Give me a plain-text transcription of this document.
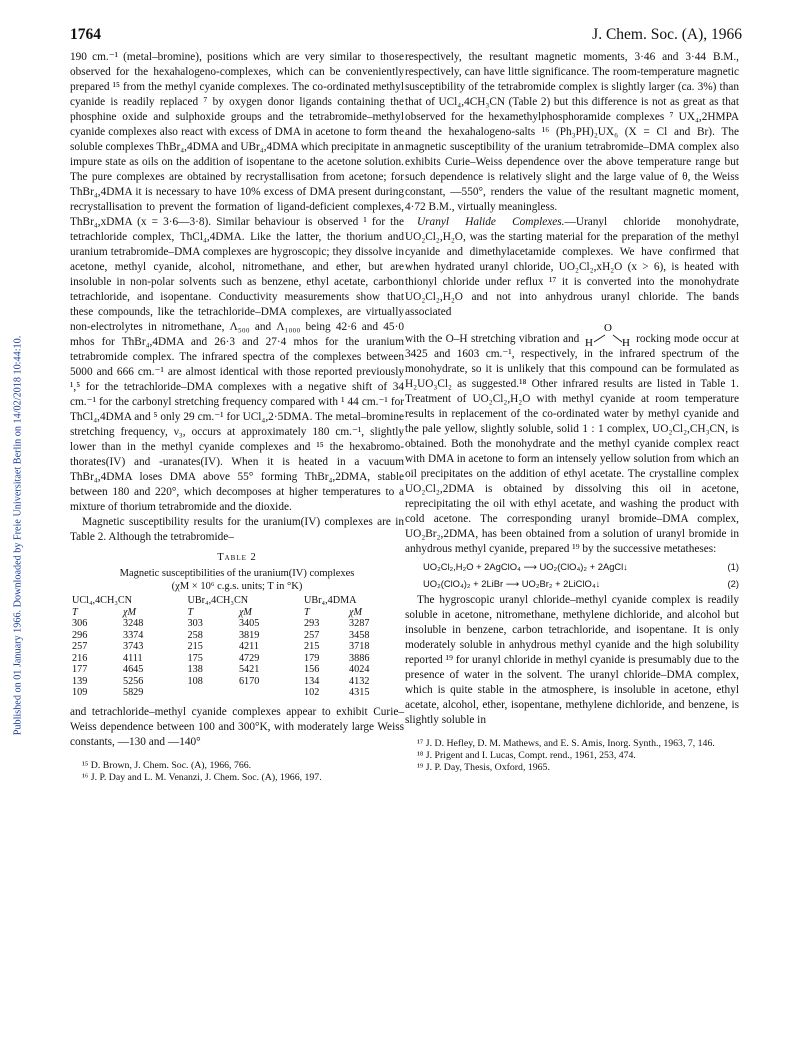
1764	J. Chem. Soc. (A), 1966
Published on 01 January 1966. Downloaded by Freie Universitaet Berlin on 14/02/2018 10:44:10.

190 cm.⁻¹ (metal–bromine), positions which are very similar to those observed for the hexahalogeno-complexes, which can be conveniently prepared ¹⁵ from the methyl cyanide complexes. The co-ordinated methyl cyanide is readily replaced ⁷ by oxygen donor ligands containing the phosphine oxide and sulphoxide groups and the tetrabromide–methyl cyanide complexes also react with excess of DMA in acetone to form the soluble complexes ThBr₄,4DMA and UBr₄,4DMA which precipitate in an impure state as oils on the addition of isopentane to the acetone solution. The pure complexes are obtained by recrystallisation from acetone; for ThBr₄,4DMA it is necessary to have 10% excess of DMA present during recrystallisation to prevent the formation of ligand-deficient complexes, ThBr₄,xDMA (x = 3·6—3·8). Similar behaviour is observed ¹ for the tetrachloride complex, ThCl₄,4DMA. Like the latter, the thorium and uranium tetrabromide–DMA complexes are hygroscopic; they dissolve in acetone, methyl cyanide, alcohol, nitromethane, and ether, but are insoluble in non-polar solvents such as benzene, ethyl acetate, carbon tetrachloride, and isopentane. Conductivity measurements show that these compounds, like the tetrachloride–DMA complexes, are virtually non-electrolytes in nitromethane, Λ₅₀₀ and Λ₁₀₀₀ being 42·6 and 45·0 mhos for ThBr₄,4DMA and 26·3 and 27·4 mhos for the uranium tetrabromide complex. The infrared spectra of the complexes between 5000 and 666 cm.⁻¹ are almost identical with those reported previously ¹,⁵ for the tetrachloride–DMA complexes with a negative shift of 34 cm.⁻¹ for the carbonyl stretching frequency compared with ¹ 44 cm.⁻¹ for ThCl₄,4DMA and ⁵ only 29 cm.⁻¹ for UCl₄,2·5DMA. The metal–bromine stretching frequency, ν₃, occurs at approximately 180 cm.⁻¹, slightly lower than in the methyl cyanide complexes and ¹⁵ the hexabromo-thorates(IV) and -uranates(IV). When it is heated in a vacuum ThBr₄,4DMA loses DMA above 55° forming ThBr₄,2DMA, stable between 180 and 220°, which decomposes at higher temperatures to a mixture of thorium tetrabromide and the dioxide.

Magnetic susceptibility results for the uranium(IV) complexes are in Table 2. Although the tetrabromide–

Table 2
Magnetic susceptibilities of the uranium(IV) complexes
(χM × 10⁶ c.g.s. units; T in °K)
UCl₄,4CH₃CN		UBr₄,4CH₃CN		UBr₄,4DMA	
T	χM	T	χM	T	χM
306	3248	303	3405	293	3287
296	3374	258	3819	257	3458
257	3743	215	4211	215	3718
216	4111	175	4729	179	3886
177	4645	138	5421	156	4024
139	5256	108	6170	134	4132
109	5829			102	4315

and tetrachloride–methyl cyanide complexes appear to exhibit Curie–Weiss dependence between 100 and 300°K, with moderately large Weiss constants, —130 and —140°

¹⁵ D. Brown, J. Chem. Soc. (A), 1966, 766.

¹⁶ J. P. Day and L. M. Venanzi, J. Chem. Soc. (A), 1966, 197.

respectively, the resultant magnetic moments, 3·46 and 3·44 B.M., respectively, can have little significance. The room-temperature magnetic susceptibility of the tetrabromide complex is slightly larger (ca. 3%) than that of UCl₄,4CH₃CN (Table 2) but this difference is not as great as that observed for the hexamethylphosphoramide complexes ⁷ UX₄,2HMPA and the hexahalogeno-salts ¹⁶ (Ph₃PH)₂UX₆ (X = Cl and Br). The magnetic susceptibility of the uranium tetrabromide–DMA complex also exhibits Curie–Weiss dependence over the above temperature range but such dependence is relatively slight and the large value of θ, the Weiss constant, —550°, renders the value of the resultant magnetic moment, 4·72 B.M., virtually meaningless.

Uranyl Halide Complexes.—Uranyl chloride monohydrate, UO₂Cl₂,H₂O, was the starting material for the preparation of the methyl cyanide and dimethylacetamide complexes. We have confirmed that when hydrated uranyl chloride, UO₂Cl₂,xH₂O (x > 6), is heated with thionyl chloride under reflux ¹⁷ it is converted into the monohydrate UO₂Cl₂,H₂O and not into anhydrous uranyl chloride. The bands associated

with the O–H stretching vibration and H
O
H rocking mode occur at 3425 and 1603 cm.⁻¹, respectively, in the infrared spectrum of the monohydrate, so it is unlikely that this compound can be formulated as H₂UO₃Cl₂ as suggested.¹⁸ Other infrared results are listed in Table 1. Treatment of UO₂Cl₂,H₂O with methyl cyanide at room temperature results in replacement of the co-ordinated water by methyl cyanide and the pale yellow, slightly soluble, solid 1 : 1 complex, UO₂Cl₂,CH₃CN, is obtained. Both the monohydrate and the methyl cyanide complex react with DMA in acetone to form an intensely yellow solution from which an oil precipitates on the addition of ethyl acetate. The crystalline complex UO₂Cl₂,2DMA is obtained by dissolving this oil in acetone, reprecipitating the oil with ethyl acetate, and washing the product with cold acetone. The corresponding uranyl bromide–DMA complex, UO₂Br₂,2DMA, has been obtained from a solution of uranyl bromide in anhydrous methyl cyanide, prepared ¹⁹ by the successive metatheses:

UO₂Cl₂,H₂O + 2AgClO₄ ⟶ UO₂(ClO₄)₂ + 2AgCl↓	(1)
UO₂(ClO₄)₂ + 2LiBr ⟶ UO₂Br₂ + 2LiClO₄↓	(2)

The hygroscopic uranyl chloride–methyl cyanide complex is readily soluble in acetone, nitromethane, methylene dichloride, and alcohol but insoluble in benzene, carbon tetrachloride, and isopentane. It is only moderately soluble in anhydrous methyl cyanide and the high solubility reported ¹⁹ for uranyl chloride in methyl cyanide is presumably due to the presence of water in the solvent. The uranyl chloride–DMA complex, which is quite stable in the atmosphere, is insoluble in acetone, ethyl acetate, alcohol, ether, isopentane, methylene dichloride, and benzene, is slightly soluble in

¹⁷ J. D. Hefley, D. M. Mathews, and E. S. Amis, Inorg. Synth., 1963, 7, 146.

¹⁸ J. Prigent and I. Lucas, Compt. rend., 1961, 253, 474.

¹⁹ J. P. Day, Thesis, Oxford, 1965.
